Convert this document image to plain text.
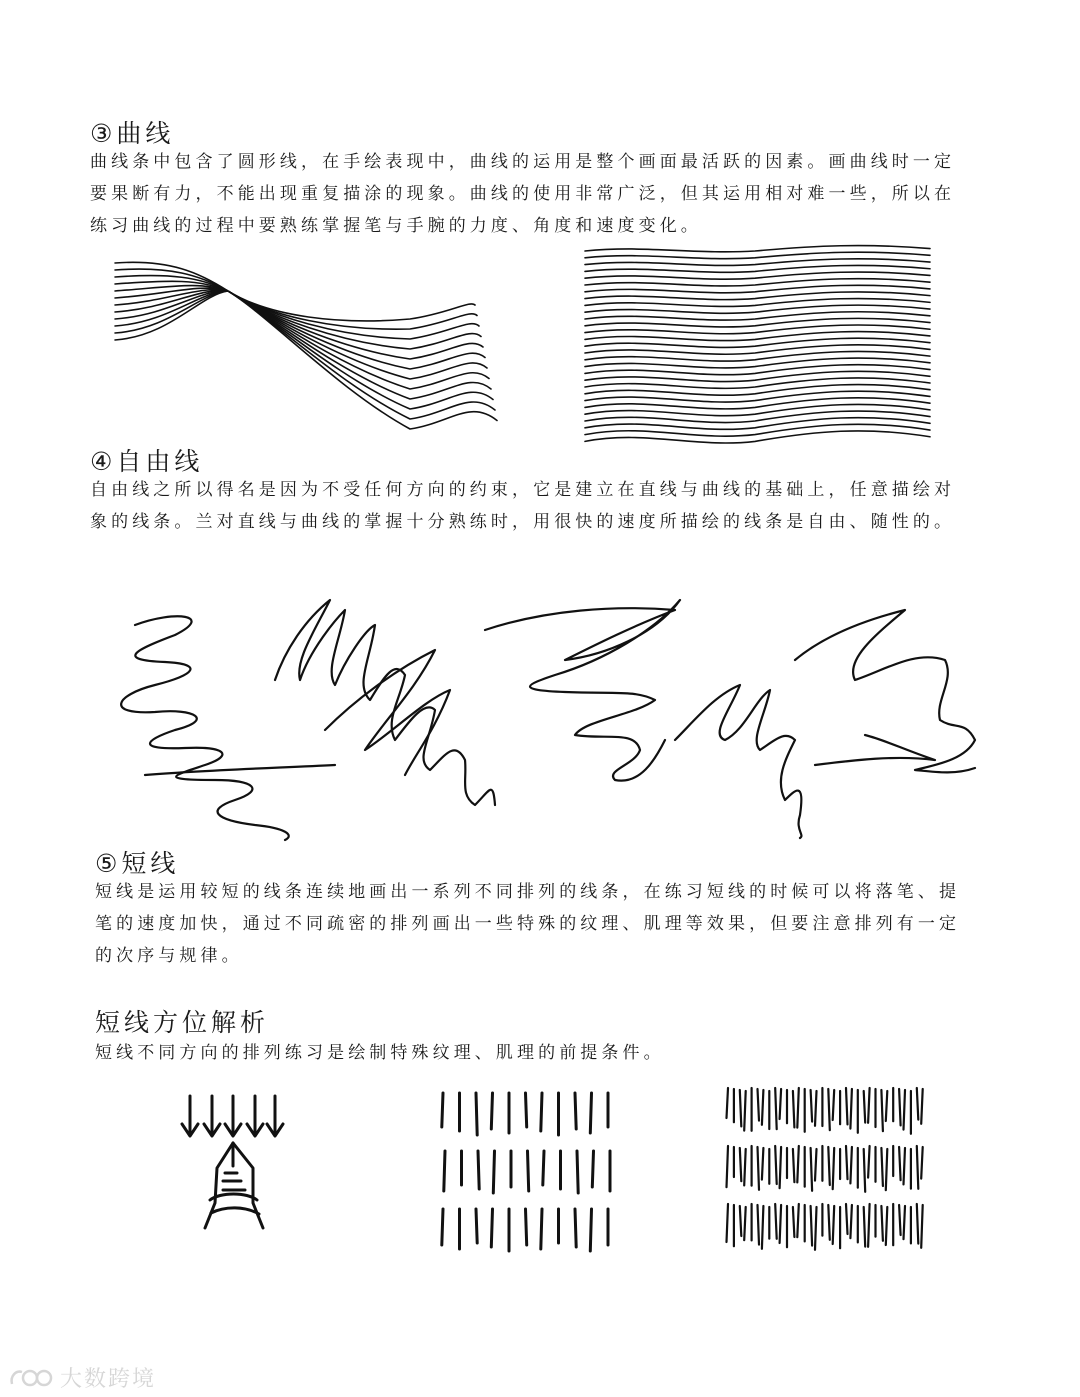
③曲线

曲线条中包含了圆形线，在手绘表现中，曲线的运用是整个画面最活跃的因素。画曲线时一定
要果断有力，不能出现重复描涂的现象。曲线的使用非常广泛，但其运用相对难一些，所以在
练习曲线的过程中要熟练掌握笔与手腕的力度、角度和速度变化。

④自由线

自由线之所以得名是因为不受任何方向的约束，它是建立在直线与曲线的基础上，任意描绘对
象的线条。兰对直线与曲线的掌握十分熟练时，用很快的速度所描绘的线条是自由、随性的。

⑤短线

短线是运用较短的线条连续地画出一系列不同排列的线条，在练习短线的时候可以将落笔、提
笔的速度加快，通过不同疏密的排列画出一些特殊的纹理、肌理等效果，但要注意排列有一定
的次序与规律。

短线方位解析

短线不同方向的排列练习是绘制特殊纹理、肌理的前提条件。

大数跨境
